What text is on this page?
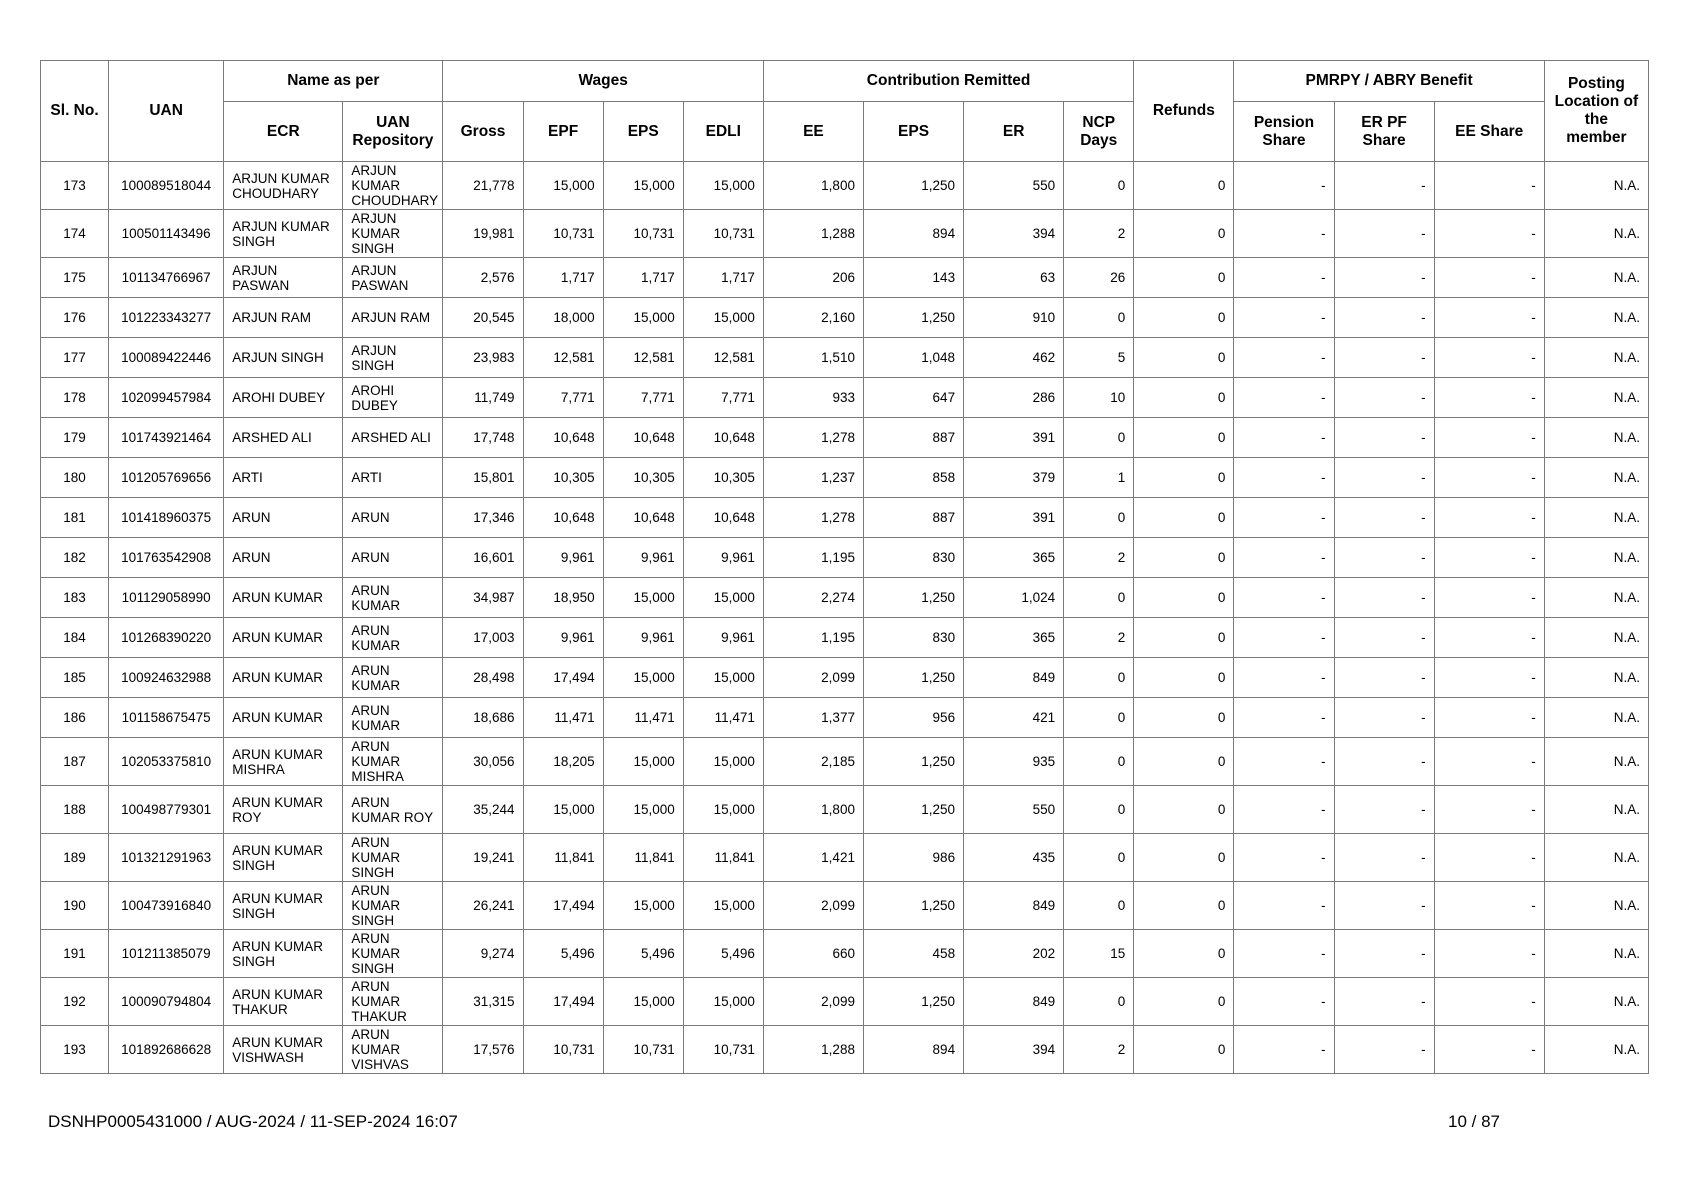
Sl. No.	UAN	Name as per		Wages				Contribution Remitted				Refunds	PMRPY / ABRY Benefit			Posting Location of the member
		ECR	UAN Repository	Gross	EPF	EPS	EDLI	EE	EPS	ER	NCP Days		Pension Share	ER PF Share	EE Share	
173	100089518044	ARJUN KUMAR CHOUDHARY	ARJUN KUMAR CHOUDHARY	21,778	15,000	15,000	15,000	1,800	1,250	550	0	0	-	-	-	N.A.
174	100501143496	ARJUN KUMAR SINGH	ARJUN KUMAR SINGH	19,981	10,731	10,731	10,731	1,288	894	394	2	0	-	-	-	N.A.
175	101134766967	ARJUN PASWAN	ARJUN PASWAN	2,576	1,717	1,717	1,717	206	143	63	26	0	-	-	-	N.A.
176	101223343277	ARJUN RAM	ARJUN RAM	20,545	18,000	15,000	15,000	2,160	1,250	910	0	0	-	-	-	N.A.
177	100089422446	ARJUN SINGH	ARJUN SINGH	23,983	12,581	12,581	12,581	1,510	1,048	462	5	0	-	-	-	N.A.
178	102099457984	AROHI DUBEY	AROHI DUBEY	11,749	7,771	7,771	7,771	933	647	286	10	0	-	-	-	N.A.
179	101743921464	ARSHED ALI	ARSHED ALI	17,748	10,648	10,648	10,648	1,278	887	391	0	0	-	-	-	N.A.
180	101205769656	ARTI	ARTI	15,801	10,305	10,305	10,305	1,237	858	379	1	0	-	-	-	N.A.
181	101418960375	ARUN	ARUN	17,346	10,648	10,648	10,648	1,278	887	391	0	0	-	-	-	N.A.
182	101763542908	ARUN	ARUN	16,601	9,961	9,961	9,961	1,195	830	365	2	0	-	-	-	N.A.
183	101129058990	ARUN KUMAR	ARUN KUMAR	34,987	18,950	15,000	15,000	2,274	1,250	1,024	0	0	-	-	-	N.A.
184	101268390220	ARUN KUMAR	ARUN KUMAR	17,003	9,961	9,961	9,961	1,195	830	365	2	0	-	-	-	N.A.
185	100924632988	ARUN KUMAR	ARUN KUMAR	28,498	17,494	15,000	15,000	2,099	1,250	849	0	0	-	-	-	N.A.
186	101158675475	ARUN KUMAR	ARUN KUMAR	18,686	11,471	11,471	11,471	1,377	956	421	0	0	-	-	-	N.A.
187	102053375810	ARUN KUMAR MISHRA	ARUN KUMAR MISHRA	30,056	18,205	15,000	15,000	2,185	1,250	935	0	0	-	-	-	N.A.
188	100498779301	ARUN KUMAR ROY	ARUN KUMAR ROY	35,244	15,000	15,000	15,000	1,800	1,250	550	0	0	-	-	-	N.A.
189	101321291963	ARUN KUMAR SINGH	ARUN KUMAR SINGH	19,241	11,841	11,841	11,841	1,421	986	435	0	0	-	-	-	N.A.
190	100473916840	ARUN KUMAR SINGH	ARUN KUMAR SINGH	26,241	17,494	15,000	15,000	2,099	1,250	849	0	0	-	-	-	N.A.
191	101211385079	ARUN KUMAR SINGH	ARUN KUMAR SINGH	9,274	5,496	5,496	5,496	660	458	202	15	0	-	-	-	N.A.
192	100090794804	ARUN KUMAR THAKUR	ARUN KUMAR THAKUR	31,315	17,494	15,000	15,000	2,099	1,250	849	0	0	-	-	-	N.A.
193	101892686628	ARUN KUMAR VISHWASH	ARUN KUMAR VISHVAS	17,576	10,731	10,731	10,731	1,288	894	394	2	0	-	-	-	N.A.
DSNHP0005431000 / AUG-2024 / 11-SEP-2024 16:07	10 / 87
